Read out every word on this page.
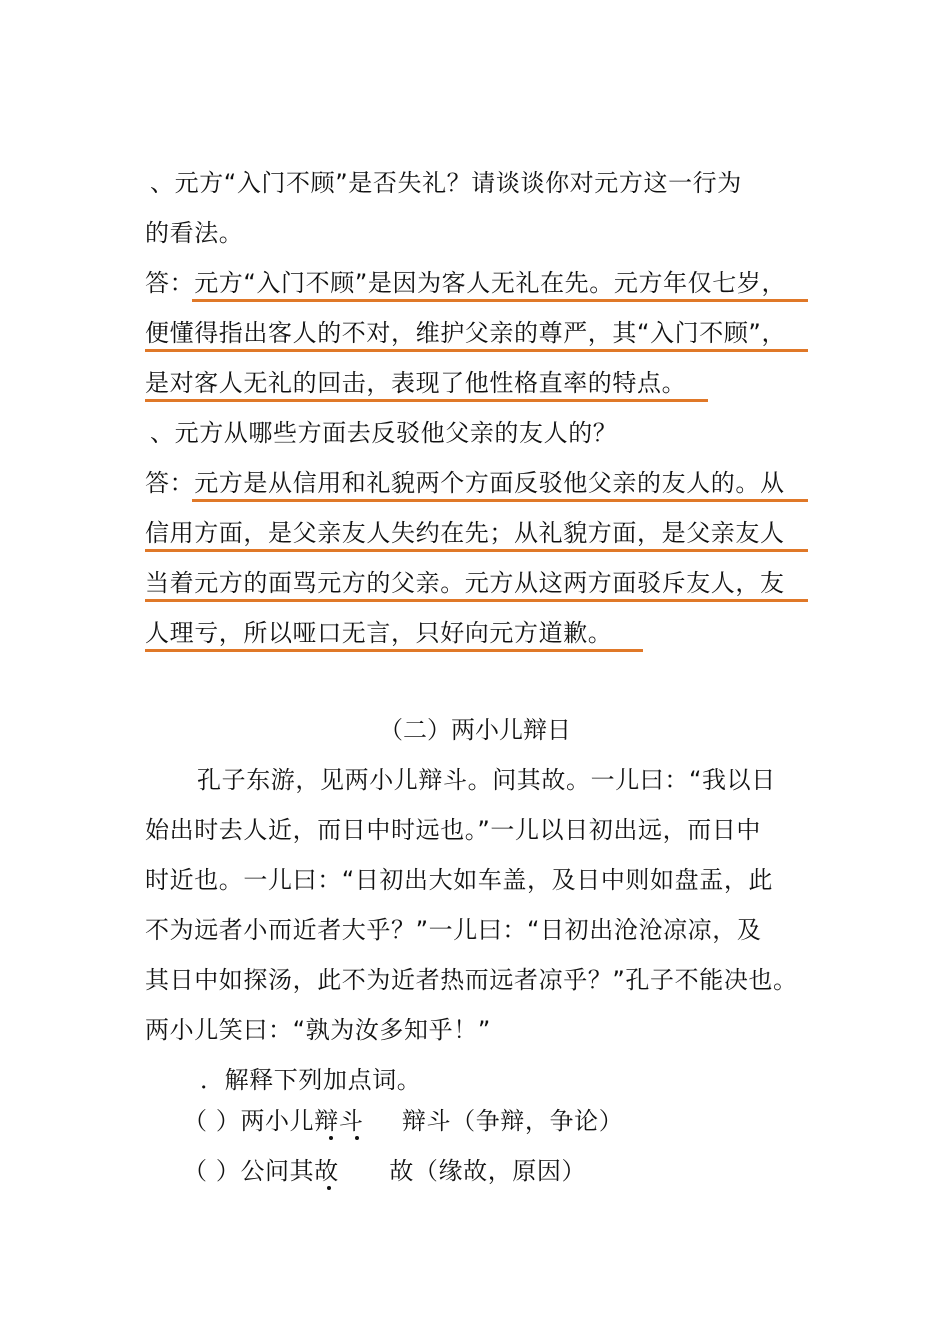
、元方“入门不顾”是否失礼？请谈谈你对元方这一行为
的看法。
答：元方“入门不顾”是因为客人无礼在先。元方年仅七岁，
便懂得指出客人的不对，维护父亲的尊严，其“入门不顾”，
是对客人无礼的回击，表现了他性格直率的特点。
、元方从哪些方面去反驳他父亲的友人的？
答：元方是从信用和礼貌两个方面反驳他父亲的友人的。从
信用方面，是父亲友人失约在先；从礼貌方面，是父亲友人
当着元方的面骂元方的父亲。元方从这两方面驳斥友人，友
人理亏，所以哑口无言，只好向元方道歉。
（二）两小儿辩日
孔子东游，见两小儿辩斗。问其故。一儿曰：“我以日
始出时去人近，而日中时远也。”一儿以日初出远，而日中
时近也。一儿曰：“日初出大如车盖，及日中则如盘盂，此
不为远者小而近者大乎？”一儿曰：“日初出沧沧凉凉，及
其日中如探汤，此不为近者热而远者凉乎？”孔子不能决也。
两小儿笑曰：“孰为汝多知乎！”
．解释下列加点词。
（ ）两小儿辩斗 辩斗（争辩，争论）
（ ）公问其故 故（缘故，原因）
